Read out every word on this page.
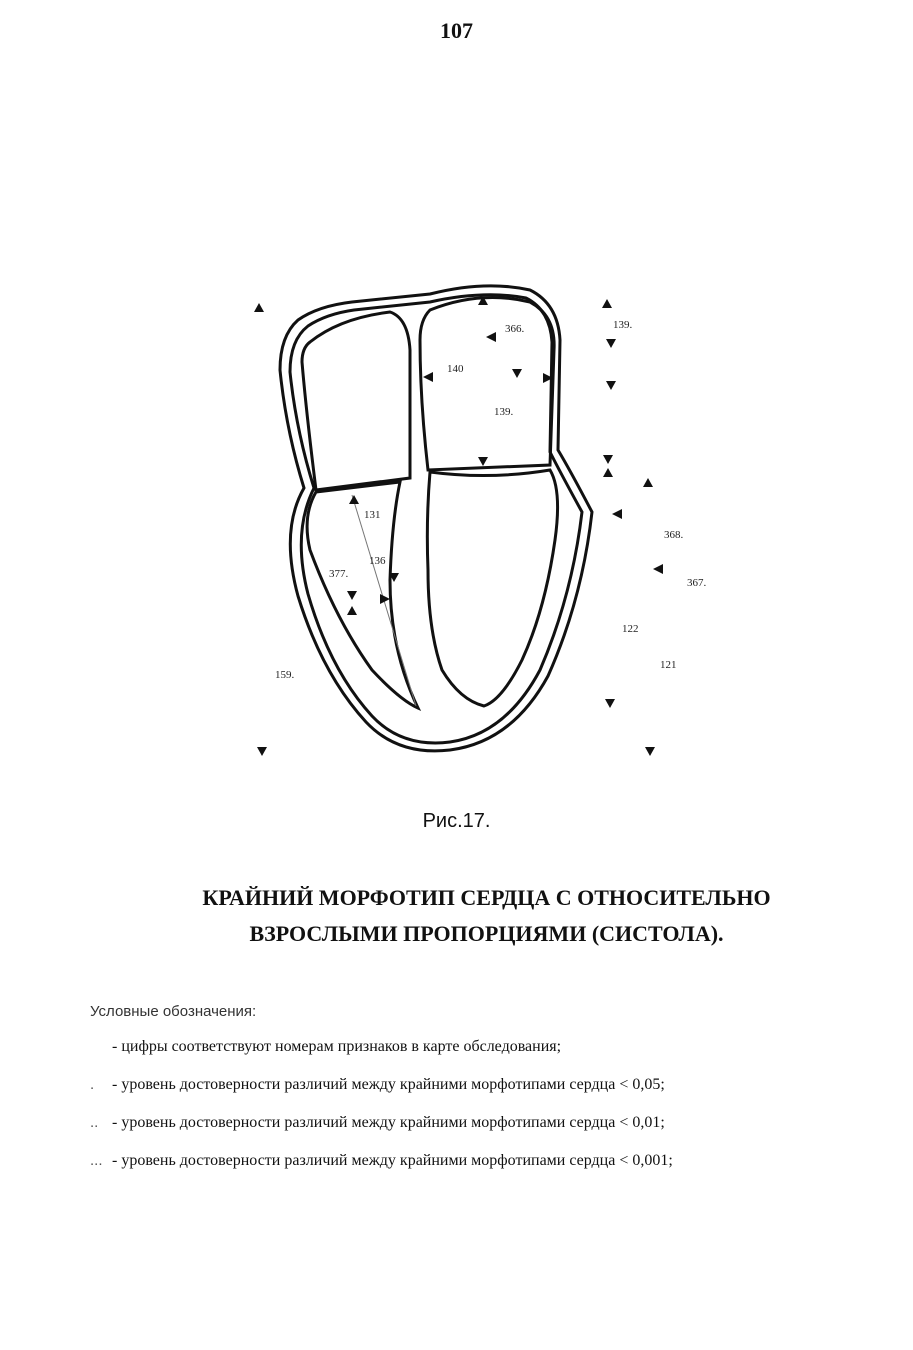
107
366.	139.
140
139.
131
136
377.
368.
367.
122
121
159.
Рис.17.
КРАЙНИЙ МОРФОТИП СЕРДЦА С ОТНОСИТЕЛЬНО
ВЗРОСЛЫМИ ПРОПОРЦИЯМИ (СИСТОЛА).
Условные обозначения:
- цифры соответствуют номерам признаков в карте обследования;
. - уровень достоверности различий между крайними морфотипами сердца < 0,05;
.. - уровень достоверности различий между крайними морфотипами сердца < 0,01;
... - уровень достоверности различий между крайними морфотипами сердца < 0,001;
